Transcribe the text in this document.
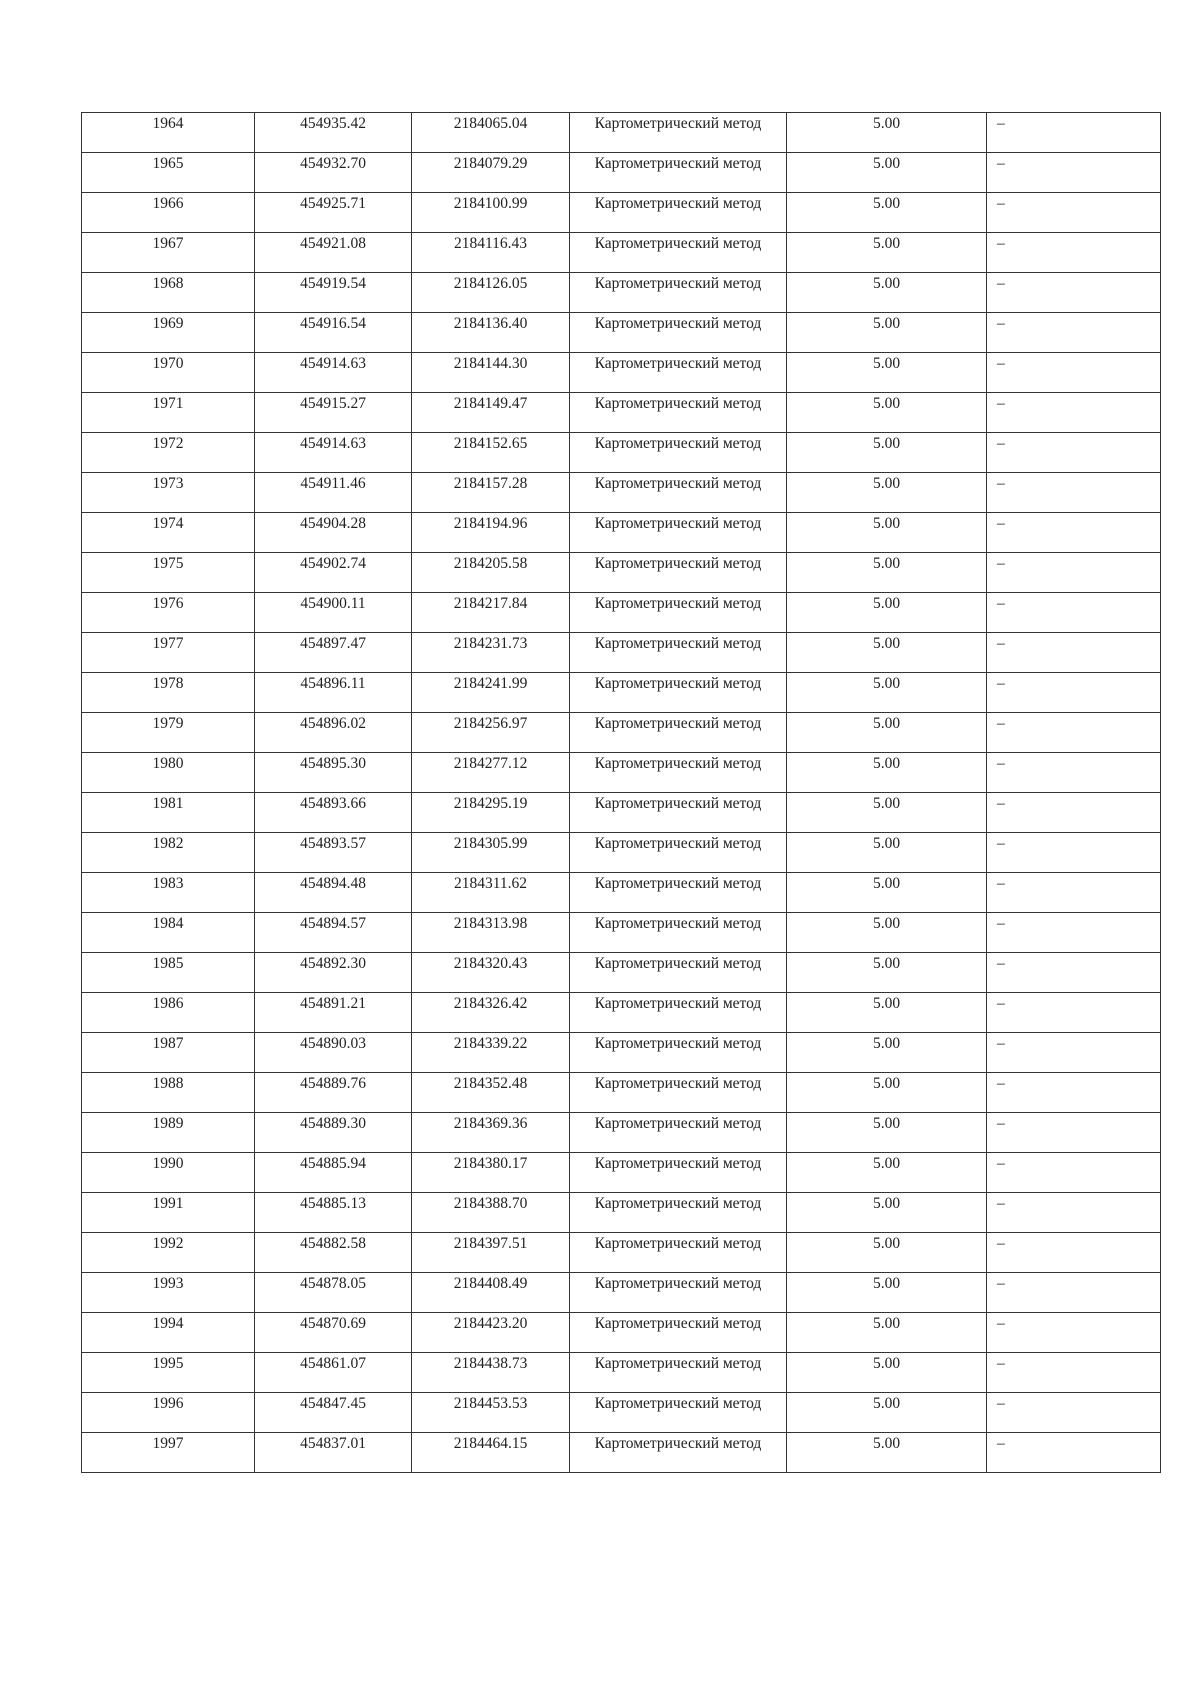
1964	454935.42	2184065.04	Картометрический метод	5.00	–
1965	454932.70	2184079.29	Картометрический метод	5.00	–
1966	454925.71	2184100.99	Картометрический метод	5.00	–
1967	454921.08	2184116.43	Картометрический метод	5.00	–
1968	454919.54	2184126.05	Картометрический метод	5.00	–
1969	454916.54	2184136.40	Картометрический метод	5.00	–
1970	454914.63	2184144.30	Картометрический метод	5.00	–
1971	454915.27	2184149.47	Картометрический метод	5.00	–
1972	454914.63	2184152.65	Картометрический метод	5.00	–
1973	454911.46	2184157.28	Картометрический метод	5.00	–
1974	454904.28	2184194.96	Картометрический метод	5.00	–
1975	454902.74	2184205.58	Картометрический метод	5.00	–
1976	454900.11	2184217.84	Картометрический метод	5.00	–
1977	454897.47	2184231.73	Картометрический метод	5.00	–
1978	454896.11	2184241.99	Картометрический метод	5.00	–
1979	454896.02	2184256.97	Картометрический метод	5.00	–
1980	454895.30	2184277.12	Картометрический метод	5.00	–
1981	454893.66	2184295.19	Картометрический метод	5.00	–
1982	454893.57	2184305.99	Картометрический метод	5.00	–
1983	454894.48	2184311.62	Картометрический метод	5.00	–
1984	454894.57	2184313.98	Картометрический метод	5.00	–
1985	454892.30	2184320.43	Картометрический метод	5.00	–
1986	454891.21	2184326.42	Картометрический метод	5.00	–
1987	454890.03	2184339.22	Картометрический метод	5.00	–
1988	454889.76	2184352.48	Картометрический метод	5.00	–
1989	454889.30	2184369.36	Картометрический метод	5.00	–
1990	454885.94	2184380.17	Картометрический метод	5.00	–
1991	454885.13	2184388.70	Картометрический метод	5.00	–
1992	454882.58	2184397.51	Картометрический метод	5.00	–
1993	454878.05	2184408.49	Картометрический метод	5.00	–
1994	454870.69	2184423.20	Картометрический метод	5.00	–
1995	454861.07	2184438.73	Картометрический метод	5.00	–
1996	454847.45	2184453.53	Картометрический метод	5.00	–
1997	454837.01	2184464.15	Картометрический метод	5.00	–
